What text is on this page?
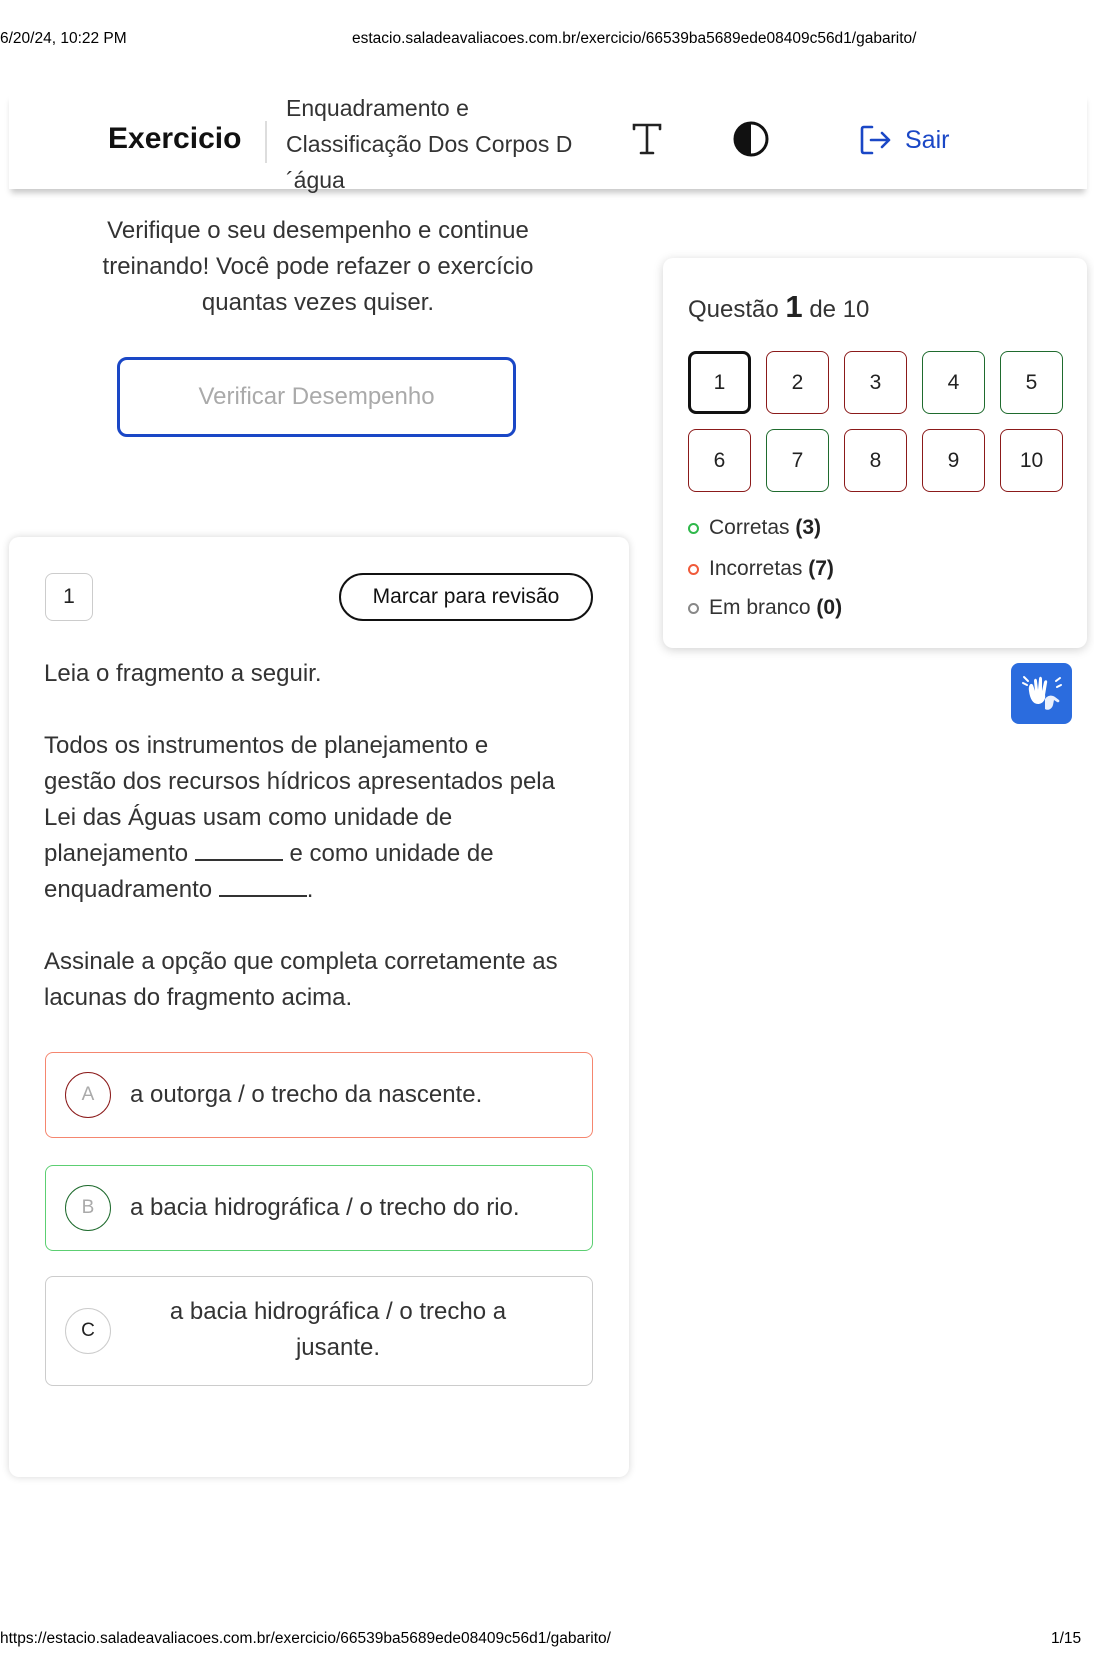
6/20/24, 10:22 PM	estacio.saladeavaliacoes.com.br/exercicio/66539ba5689ede08409c56d1/gabarito/
Exercicio
Enquadramento e
Classificação Dos Corpos D
´água
Sair
Verifique o seu desempenho e continue
treinando! Você pode refazer o exercício
quantas vezes quiser.
Verificar Desempenho
1	Marcar para revisão
Leia o fragmento a seguir.
Todos os instrumentos de planejamento e
gestão dos recursos hídricos apresentados pela
Lei das Águas usam como unidade de
planejamento	e como unidade de
enquadramento	.
Assinale a opção que completa corretamente as
lacunas do fragmento acima.
A	a outorga / o trecho da nascente.
B	a bacia hidrográfica / o trecho do rio.
C
a bacia hidrográfica / o trecho a
jusante.
Questão 1 de 10
1	2	3	4	5
6	7	8	9	10
Corretas (3)
Incorretas (7)
Em branco (0)
https://estacio.saladeavaliacoes.com.br/exercicio/66539ba5689ede08409c56d1/gabarito/	1/15
